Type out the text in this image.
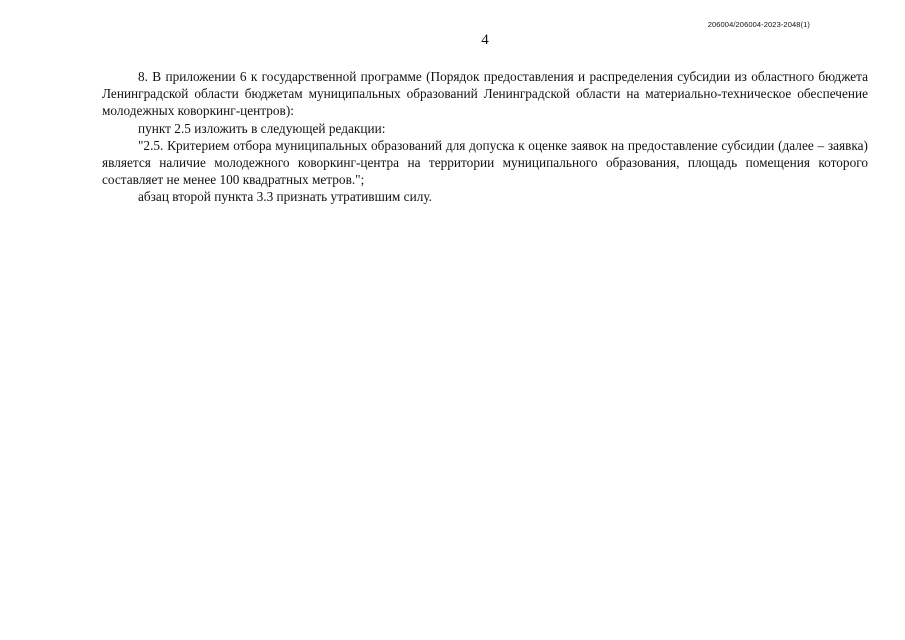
206004/206004-2023-2048(1)
4

8. В приложении 6 к государственной программе (Порядок предоставления и распределения субсидии из областного бюджета Ленинградской области бюджетам муниципальных образований Ленинградской области на материально-техническое обеспечение молодежных коворкинг-центров):

пункт 2.5 изложить в следующей редакции:

"2.5. Критерием отбора муниципальных образований для допуска к оценке заявок на предоставление субсидии (далее – заявка) является наличие молодежного коворкинг-центра на территории муниципального образования, площадь помещения которого составляет не менее 100 квадратных метров.";

абзац второй пункта 3.3 признать утратившим силу.
